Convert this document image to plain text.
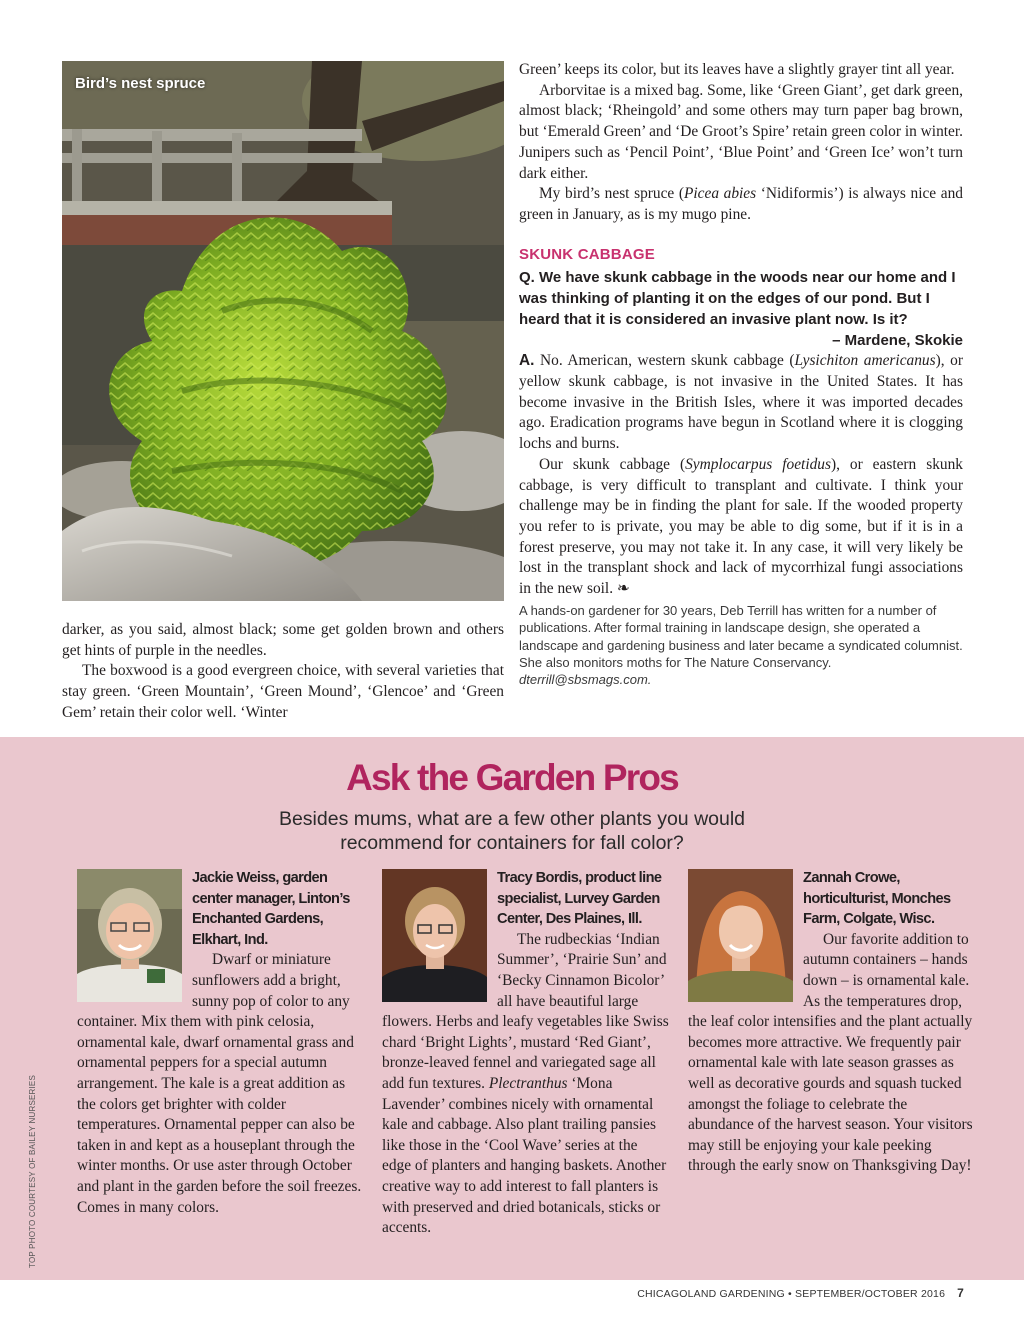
Bird’s nest spruce

darker, as you said, almost black; some get golden brown and others get hints of purple in the needles.

The boxwood is a good evergreen choice, with several varieties that stay green. ‘Green Mountain’, ‘Green Mound’, ‘Glencoe’ and ‘Green Gem’ retain their color well. ‘Winter

Green’ keeps its color, but its leaves have a slightly grayer tint all year.

Arborvitae is a mixed bag. Some, like ‘Green Giant’, get dark green, almost black; ‘Rheingold’ and some others may turn paper bag brown, but ‘Emerald Green’ and ‘De Groot’s Spire’ retain green color in winter. Junipers such as ‘Pencil Point’, ‘Blue Point’ and ‘Green Ice’ won’t turn dark either.

My bird’s nest spruce (Picea abies ‘Nidiformis’) is always nice and green in January, as is my mugo pine.

SKUNK CABBAGE
Q. We have skunk cabbage in the woods near our home and I was thinking of planting it on the edges of our pond. But I heard that it is considered an invasive plant now. Is it?
– Mardene, Skokie

A. No. American, western skunk cabbage (Lysichiton americanus), or yellow skunk cabbage, is not invasive in the United States. It has become invasive in the British Isles, where it was imported decades ago. Eradication programs have begun in Scotland where it is clogging lochs and burns.

Our skunk cabbage (Symplocarpus foetidus), or eastern skunk cabbage, is very difficult to transplant and cultivate. I think your challenge may be in finding the plant for sale. If the wooded property you refer to is private, you may be able to dig some, but if it is in a forest preserve, you may not take it. In any case, it will very likely be lost in the transplant shock and lack of mycorrhizal fungi associations in the new soil. ❧

A hands-on gardener for 30 years, Deb Terrill has written for a number of publications. After formal training in landscape design, she operated a landscape and gardening business and later became a syndicated columnist. She also monitors moths for The Nature Conservancy. dterrill@sbsmags.com.
Ask the Garden Pros
Besides mums, what are a few other plants you would recommend for containers for fall color?
Jackie Weiss, garden center manager, Linton’s Enchanted Gardens, Elkhart, Ind.

Dwarf or miniature sunflowers add a bright, sunny pop of color to any container. Mix them with pink celosia, ornamental kale, dwarf ornamental grass and ornamental peppers for a special autumn arrangement. The kale is a great addition as the colors get brighter with colder temperatures. Ornamental pepper can also be taken in and kept as a houseplant through the winter months. Or use aster through October and plant in the garden before the soil freezes. Comes in many colors.

Tracy Bordis, product line specialist, Lurvey Garden Center, Des Plaines, Ill.

The rudbeckias ‘Indian Summer’, ‘Prairie Sun’ and ‘Becky Cinnamon Bicolor’ all have beautiful large flowers. Herbs and leafy vegetables like Swiss chard ‘Bright Lights’, mustard ‘Red Giant’, bronze-leaved fennel and variegated sage all add fun textures. Plectranthus ‘Mona Lavender’ combines nicely with ornamental kale and cabbage. Also plant trailing pansies like those in the ‘Cool Wave’ series at the edge of planters and hanging baskets. Another creative way to add interest to fall planters is with preserved and dried botanicals, sticks or accents.

Zannah Crowe, horticulturist, Monches Farm, Colgate, Wisc.

Our favorite addition to autumn containers – hands down – is ornamental kale. As the temperatures drop, the leaf color intensifies and the plant actually becomes more attractive. We frequently pair ornamental kale with late season grasses as well as decorative gourds and squash tucked amongst the foliage to celebrate the abundance of the harvest season. Your visitors may still be enjoying your kale peeking through the early snow on Thanksgiving Day!

TOP PHOTO COURTESY OF BAILEY NURSERIES
CHICAGOLAND GARDENING • SEPTEMBER/OCTOBER 2016 7
